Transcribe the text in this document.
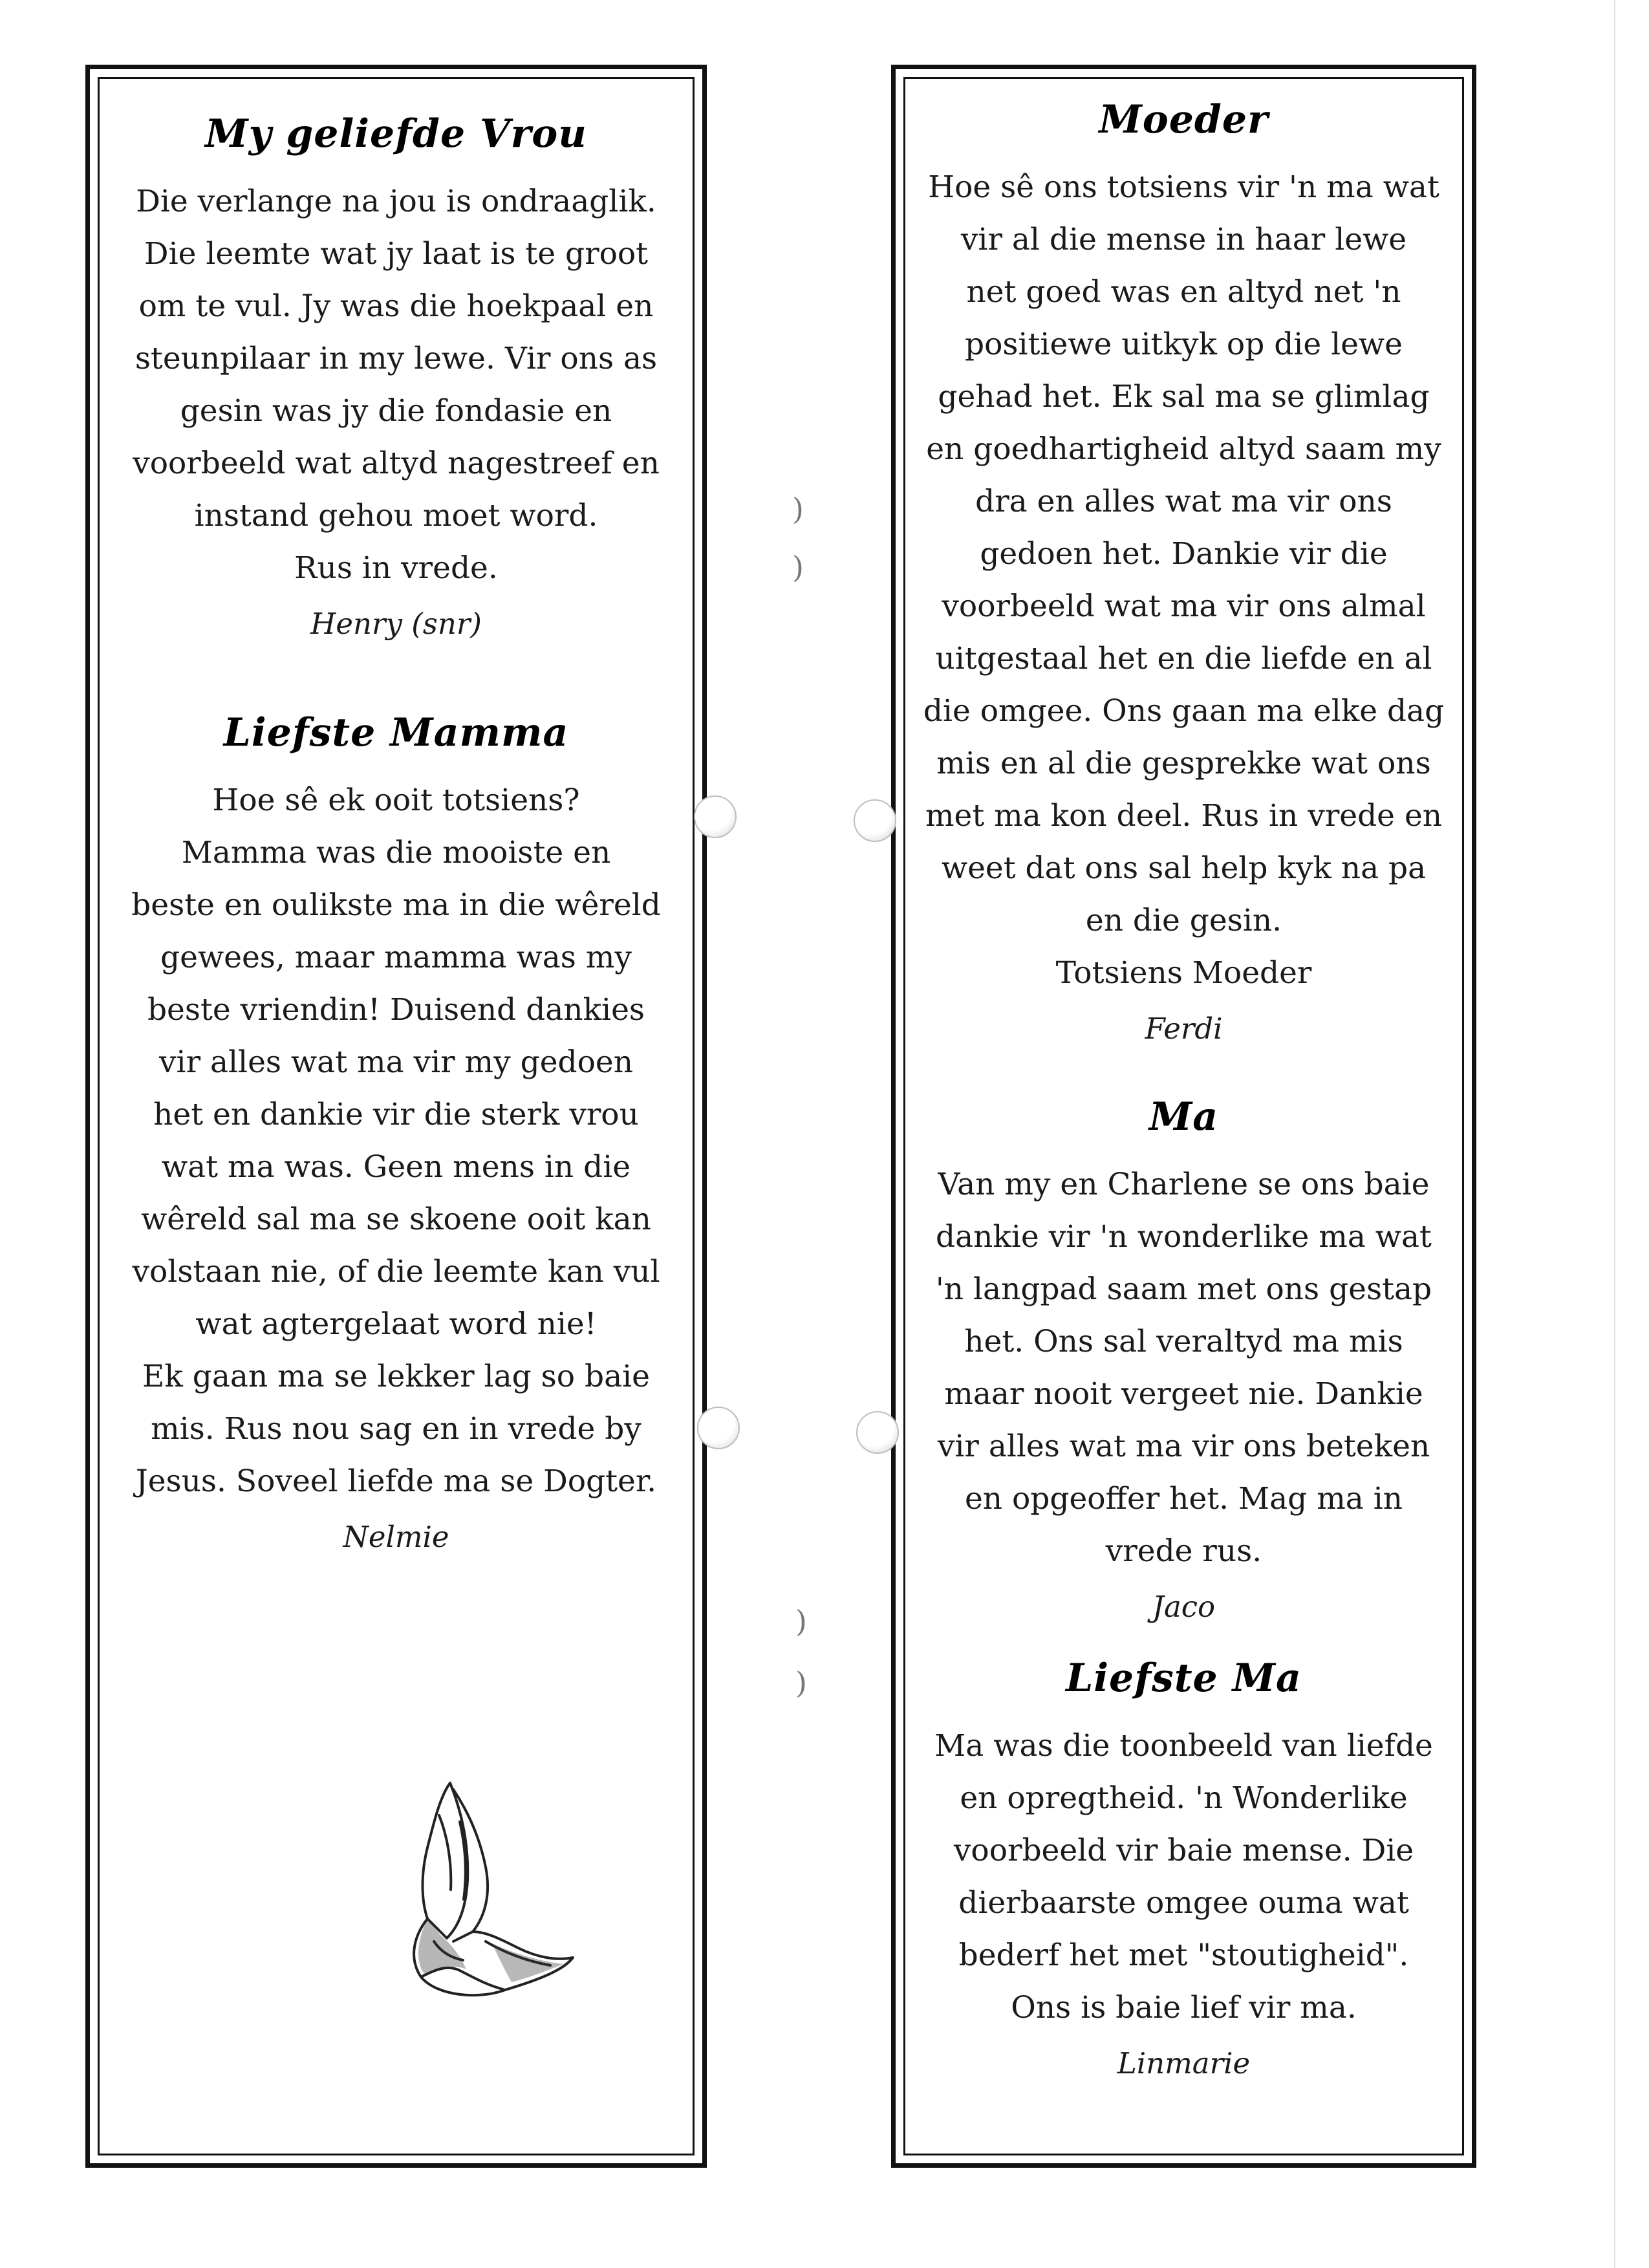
My geliefde Vrou

Die verlange na jou is ondraaglik.
Die leemte wat jy laat is te groot
om te vul. Jy was die hoekpaal en
steunpilaar in my lewe. Vir ons as
gesin was jy die fondasie en
voorbeeld wat altyd nagestreef en
instand gehou moet word.
Rus in vrede.

Henry (snr)
Liefste Mamma

Hoe sê ek ooit totsiens?
Mamma was die mooiste en
beste en oulikste ma in die wêreld
gewees, maar mamma was my
beste vriendin! Duisend dankies
vir alles wat ma vir my gedoen
het en dankie vir die sterk vrou
wat ma was. Geen mens in die
wêreld sal ma se skoene ooit kan
volstaan nie, of die leemte kan vul
wat agtergelaat word nie!
Ek gaan ma se lekker lag so baie
mis. Rus nou sag en in vrede by
Jesus. Soveel liefde ma se Dogter.

Nelmie
Moeder

Hoe sê ons totsiens vir 'n ma wat
vir al die mense in haar lewe
net goed was en altyd net 'n
positiewe uitkyk op die lewe
gehad het. Ek sal ma se glimlag
en goedhartigheid altyd saam my
dra en alles wat ma vir ons
gedoen het. Dankie vir die
voorbeeld wat ma vir ons almal
uitgestaal het en die liefde en al
die omgee. Ons gaan ma elke dag
mis en al die gesprekke wat ons
met ma kon deel. Rus in vrede en
weet dat ons sal help kyk na pa
en die gesin.
Totsiens Moeder

Ferdi
Ma

Van my en Charlene se ons baie
dankie vir 'n wonderlike ma wat
'n langpad saam met ons gestap
het. Ons sal veraltyd ma mis
maar nooit vergeet nie. Dankie
vir alles wat ma vir ons beteken
en opgeoffer het. Mag ma in
vrede rus.

Jaco
Liefste Ma

Ma was die toonbeeld van liefde
en opregtheid. 'n Wonderlike
voorbeeld vir baie mense. Die
dierbaarste omgee ouma wat
bederf het met "stoutigheid".
Ons is baie lief vir ma.

Linmarie
)
)
)
)
